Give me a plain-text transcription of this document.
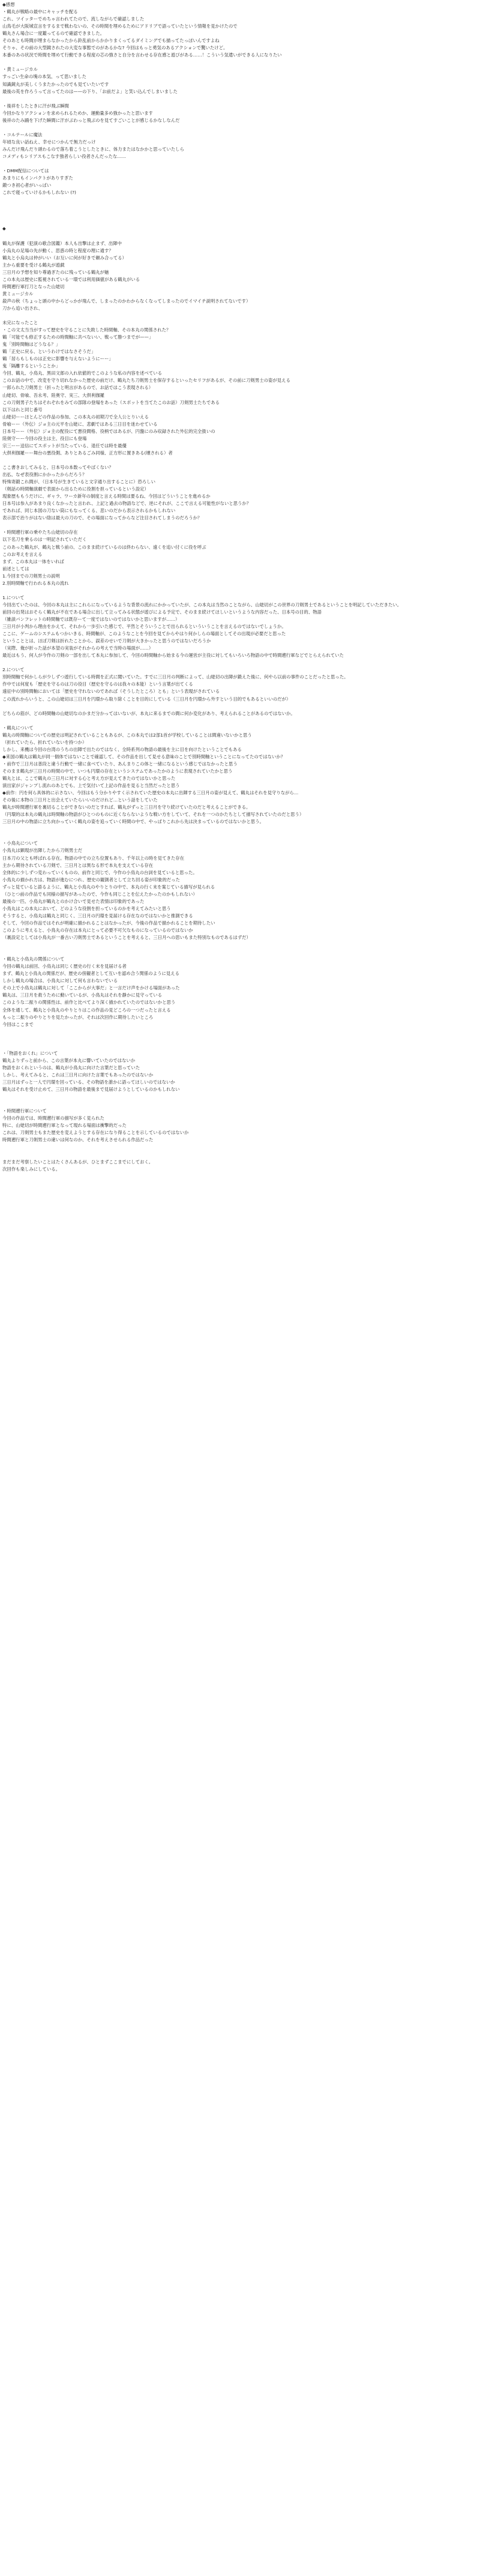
◆感想
・鶴丸が戦略の最中にキャッチを配る
これ、ツイッターでめちゃ言われてたので、流しながらで確認しました
山鳥毛が大阪城宣言をするまで戦わないの、その時間を埋めるためにアドリブで語っていたという情報を見かけたので
鶴丸さん場合に一度鑑ってるので確認できました。
そのあとも時間が埋まらなかったから鈴乱前からかかりまくってるダイミングでも描ってたっぽいんですよね
そりゃ、その前の大型鏡されたの大変な事態でのがあるかな? 今回はもっと勇気のあるアクションで驚いたけど。
本番のあの状況で時間を埋めて行動できる程度の芯の強さと自分を言わせる存在感と遊びがある……！こういう気遣いができる人になりたい
・黄ミュージカル
すっごい生命の塊の本気、って思いました
知識鏡丸が美しくうまたかったのでも見ていたいです
最後の英を作ろうって言ってたのは——の下り、「お前だよ」と笑い込んでしまいました
・後祥をしたときに汗が飛ぶ瞬間
今回かなりアクションを求められるためか、運動量多め強かったと思います
後祥のたみ踊を下げた瞬間に汗がぶわっと飛ぶのを見てすごいことが感じるかなしなんだ
・コルテールに魔法
年頃な良い話ねえ、幸せにつかんで無力だっけ
みんだけ飛んだり頭わるので落ち着こうとしたときに、体力またはなかかと思っていたしら
コメディもシリアスもこなす強者らしい役者さんだったな……
・DMM配信については
あまりにもインパクトがありすぎた
鍛つき初心者がいっぱい
これで寝っていけるかもしれない (?)
◆
鶴丸が保護（犯演の歌合図鑑）本人も出撃は止まず、出陣中
小烏丸の足場の先が動く、思惑の時と程度の理に通す？
鶴丸と小烏丸は仲がいい（お互いに何が好きで頼み合ってる）
主から重要を受ける鶴丸が遊戯
三日月の予想を知り尊過ぎたのに残っている鶴丸が魅
この本丸は歴史に監視されている一環では利用価値がある鶴丸がいる
時間遡行軍打刀となった山姥切
黄ミュージカル
殺声の秋（ちょっと頭の中からどっかが飛んで、しまったのかわからなくなってしまったのでイマイチ説明されてないです）
刀から追い出され、
未完になったこと
・この文太当当がすって歴史を守ることに失敗した時間軸、その本丸の関係された？
鶴「可能でも修正するための時間軸に共べないい、戦って勝つまでが——」
鬼「別時間軸はどうなる？」
鶴「正史に戻る、というわけではなさそうだ」
鶴「居らもしものは正史に影響を与えないようにーー」
鬼「隔離するということか」
今回、鶴丸、小鳥丸、黒田文郎の入れ依値的でこのような私の内容を述べている
このお話の中で、改変を守り切れなかった歴史の前だけ、鶴丸たち刀剣男士を保存するといったセリフがあるが、その前に刀剣男士の姿が見える
一郎られた刀剣男士（折ったと明言があるので、お話ではこう表現される）
山姥切、骨喰、吾永考、陸奥守、実三、大倶利伽羅
この刀剣男子たちはそれぞれをみての部隊の登場をあった（スポットを当てたこのお話）刀剣男士たちである
以下はれと同じ番号
山姥切ーーほとんどの作品の参加、この本丸の初期刀で全人公とりいえる
骨喰ーー（外伝）ジョ主の元平を山姥に、悲劇ではある三日目を迷わせている
日本号ーー（外伝）ジョ主の配役にて悪役間格、役柄ではあるが、円盤にのみ収録された外伝的完全扱いの
陸奥守ーー今回の役主は主、役目にも登場
宗三ーー送信にてスポットが当たっている、退任では時を最優
大倶利伽羅ーー舞台の悪役側、ありとあるごみ同様、正方形に置きある(壊される）者
ここ書きおしてみると、日本号の本数ってやばくない？
出払、なぜ表役割にかかったからだろう？
特殊寄鍛これ間が、（日本号が生きていると文字通り出することに）恐ろしい
（剣話の時間軸演劇で表面から出るために役割を担っているという設定）
現象歴ももうだけに、ギャラ、ワーカ新年の制度と言える時間は要るね、今回はどういうことを進めるか
日本号は参入があまり良くなかったと言われ、上記と過去の物語などで、逆にそれが、ここで言える可能性がないと思うか？
であれば、同じ本図の刀ない筒にもなってくる、悲いのだから表示されるかもしれない
表示部で治りがはない陰は最大の刀ので、その場面になってからなど注目されてしまうのだろうか？
・時間遡行軍の乗やたち山姥切の存在
以下名刀を乗るのは一明記されていただく
このあった鶴丸が、鶴丸と戦う前の、このまま続けているのは終わらない、遠くを追い付くに役を呼ぶ
このお考えを言える
まず、この本丸は一体をいれば
前述としては
1.今回までの刀剣男士の説明
2.別時間軸で行われる本丸の流れ
1.について
今回出ていたのは、今回の本丸は主にこれらになっているような背景の流れにかかっていたが、この本丸は当然のことながら、山姥切がこの世界の刀剣男士であるということを明記していただきたい。
前回の出発はおそらく鶴丸が不在である場合に出して立ってみる状態が遊びによる予定で、そのまま続けてほしいというような内容だった、日本号の目的、物語
（雑談パンフレットの時間軸では既存ーて一度ではないのではないかと思いますが……）
三日月が小判から理由をかえて、それから一歩引いた感じで、平然とそういうことで出られるといういうことを言えるのではないでしょうか。
ここに、ゲームのシステムもつかいきる、時間軸が、このようなことを今回を見てからやはり何かしらの場面としてその出現が必要だと思った
ということとは、ほぼ刀剣は折れたことから、誤差のせいで刀剣が大きかったと思うのではないだろうか
（実際、俺が折った話が本望の実装がそれからの考えで当時の場面が……）
最近はもう、何人が今作の刀剣の一部を出して本丸に参加して、今回の時間軸から始まる今の運営が主役に対してもいろいろ物語の中で時間遡行軍などでとらえられていた
2.について
別時間軸で何かしらが少しずつ遊行している時間を正式に聞いていた。すでに三日月の判断によって、山姥切の出陣が鍛えた後に、何やら以前の事件のことだったと思った。
作中では何度も「歴史を守るのは刀の役目（歴史を守るのは我々の本能）という言葉が出てくる
遠征中の別時間軸においては「歴史を守れないのであれば（そうしたところ）とも」という表現がされている
この流れからいうと、この山姥切は三日月を円環から取り除くことを目的にしている（三日月を円環から外すという目的でもあるといいのだが）
どちらの筋が、どの時間軸の山姥切なのかまだ分かってはいないが、本丸に来るまでの間に何か変化があり、考えられることがあるのではないか。
・鶴丸について
鶴丸の時間軸についての歴史は明記されていることもあるが、この本丸では2部1首が学校していることは間違いないかと思う
（折れていたら、折れていないを持つか）
しかし、来機は今回の台湾のうちの出陣で出たのではなく、全時系列の物語の最後を主に目を向けたということでもある
◆来国の鶴丸は鶴丸が同一個体ではないことで確認して、その作品を出して見せる意味のことで別時間軸ということになってたのではないか？
・前作で三日月は普段と違う行動で一緒に食べていたり、あんまりこの体と一緒になるという感じではなかったと思う
そのまま鶴丸が三日月の時間の中で、いつも円環の存在というシステムであったかのように表現されていたかと思う
鶴丸とは、ここで鶴丸の三日月に対する心と考え方が見えてきたのではないかと思った
演出家がジャンプし流れのあとでも、上で気付いて上記の作品を見ると当然だったと思う
◆前作：円を何ら具体的に示さない、今回はもう分かりやすく示されていた歴史の本丸に出陣する三日月の姿が見えて、鶴丸はそれを見守りながら…
その後に本物の三日月と出会えていたらいいのだけれど…という話をしていた
鶴丸が時間遡行軍を裏切ることができないのだとすれば、鶴丸がずっと三日月を守り続けていたのだと考えることができる。
（円環的は本丸の鶴丸は時間軸の物語がひとつのものに近くならないような戦い方をしていて、それを一つのかたちとして描写されていたのだと思う）
三日月の中の物語に立ち向かっていく鶴丸の姿を追っていく時間の中で、やっぱりこれから先は決まっているのではないかと思う。
・小鳥丸について
小鳥丸は顕現が出陣したから刀剣男士だ
日本刀の父とも呼ばれる存在。物語の中での立ち位置もあり、千年以上の時を見てきた存在
主から期待されている刀剣で、三日月とは異なる形で本丸を支えている存在
全体的に少しずつ変わっていくものの、前作と同じで、今作の小鳥丸の台詞を見ていると思った。
小鳥丸の描かれ方は、物語が進むにつれ、歴史の観測者として立ち回る姿が印象的だった
ずっと見ていると語るように、鶴丸と小鳥丸のやりとりの中で、本丸の行く末を案じている描写が見られる
（ひとつ前の作品でも同様の描写があったので、今作も同じことを伝えたかったのかもしれない）
最後の一匹、小鳥丸が鶴丸とのかけ合いで見せた表情は印象的であった
小鳥丸はこの本丸において、どのような役割を担っているのかを考えてみたいと思う
そうすると、小鳥丸は鶴丸と同じく、三日月の円環を見届ける存在なのではないかと推測できる
そして、今回の作品ではそれが明確に描かれることはなかったが、今後の作品で描かれることを期待したい
このように考えると、小鳥丸の存在は本丸にとって必要不可欠なものになっているのではないか
（裏設定としては小鳥丸が一番古い刀剣男士であるということを考えると、三日月への思いもまた特別なものであるはずだ）
・鶴丸と小鳥丸の関係について
今回の鶴丸は前回、小鳥丸は同じく歴史の行く末を見届ける者
まず、鶴丸と小鳥丸の関係だが、歴史の傍観者として互いを認め合う関係のように見える
しかし鶴丸の場合は、小鳥丸に対して何も言わないでいる
その上で小鳥丸は鶴丸に対して「ここからが大事だ」と一言だけ声をかける場面があった
鶴丸は、三日月を救うために動いているが、小鳥丸はそれを静かに見守っている
このような二振りの関係性は、前作と比べてより深く描かれていたのではないかと思う
全体を通して、鶴丸と小鳥丸のやりとりはこの作品の見どころの一つだったと言える
もっと二振りのやりとりを見たかったが、それは次回作に期待したいところ
今回はここまで
・「物語をおくれ」について
鶴丸よりずっと前から、この言葉が本丸に響いていたのではないか
物語をおくれというのは、鶴丸が小鳥丸に向けた言葉だと思っていた
しかし、考えてみると、これは三日月に向けた言葉でもあったのではないか
三日月はずっと一人で円環を回っている、その物語を誰かに語ってほしいのではないか
鶴丸はそれを受け止めて、三日月の物語を最後まで見届けようとしているのかもしれない
・時間遡行軍について
今回の作品では、時間遡行軍の描写が多く見られた
特に、山姥切が時間遡行軍となって現れる場面は衝撃的だった
これは、刀剣男士もまた歴史を変えようとする存在になり得ることを示しているのではないか
時間遡行軍と刀剣男士の違いは何なのか、それを考えさせられる作品だった
まだまだ考察したいことはたくさんあるが、ひとまずここまでにしておく。
次回作も楽しみにしている。
